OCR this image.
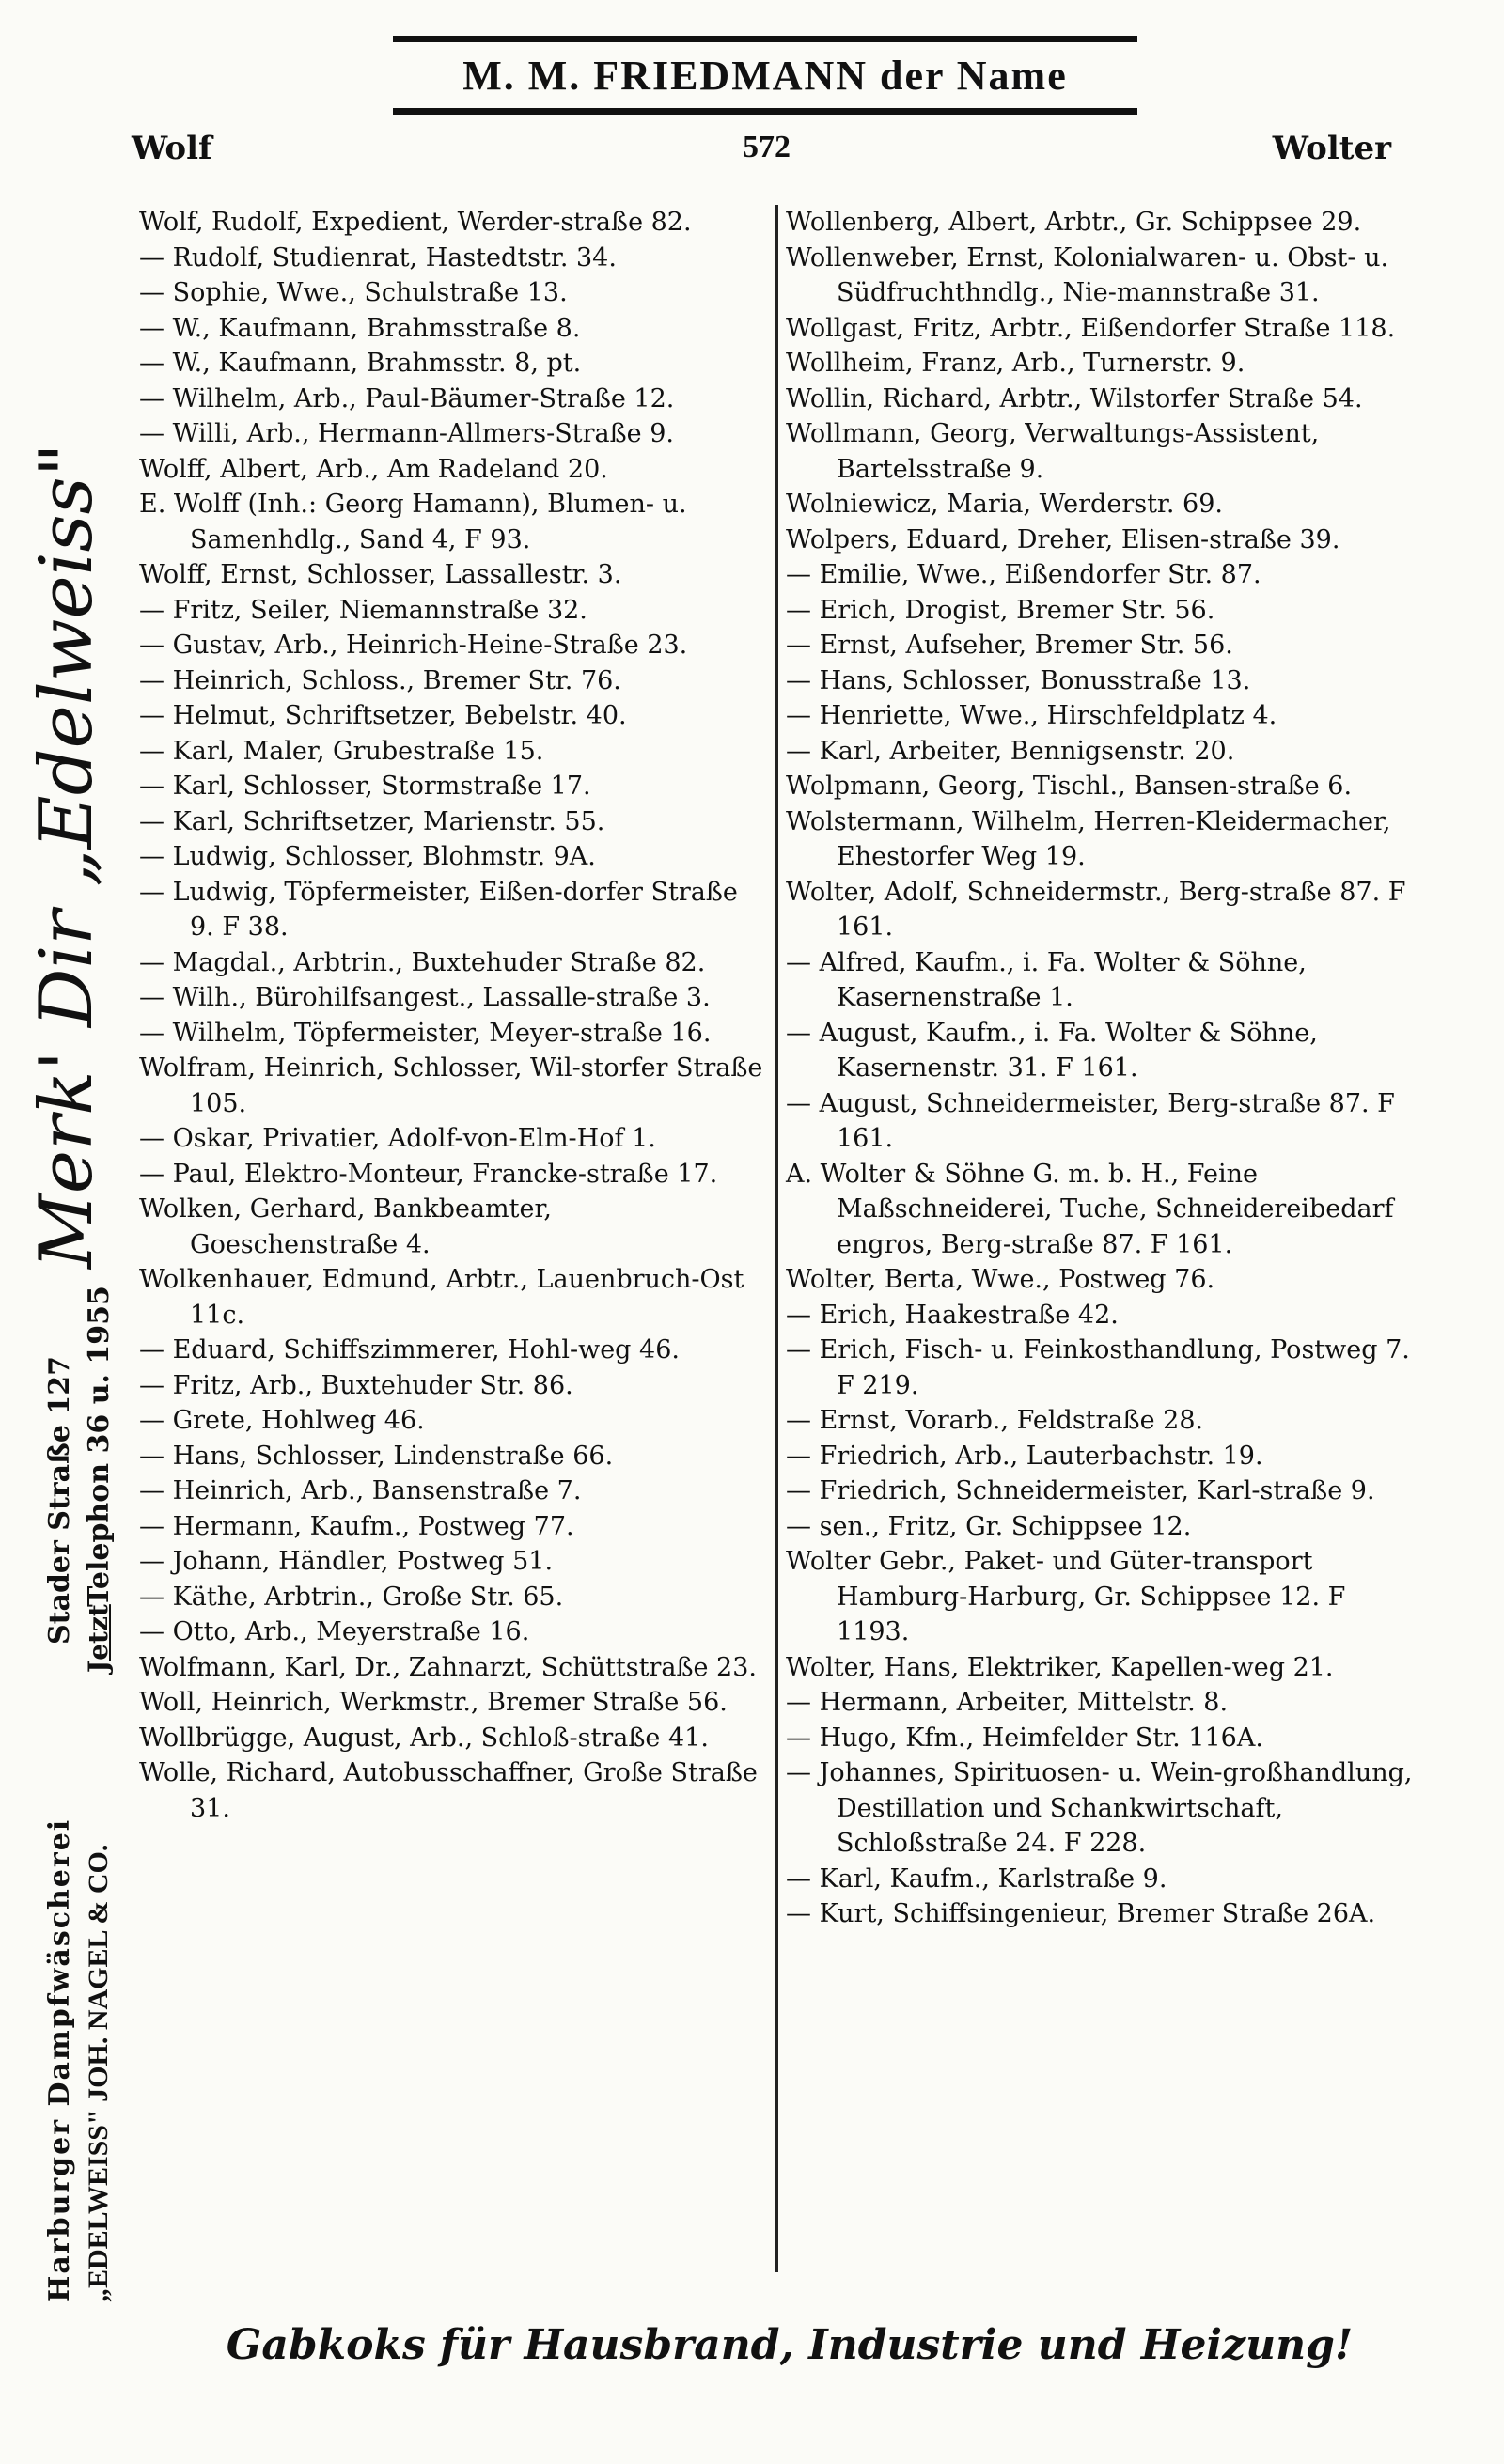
M. M. FRIEDMANN der Name
Wolf	572	Wolter
Merk' Dir „Edelweiss"
Stader Straße 127 Telephon 36 u. 1955
Harburger Dampfwäscherei „EDELWEISS" JOH. NAGEL & CO.
Jetzt

Wolf, Rudolf, Expedient, Werder-straße 82.

— Rudolf, Studienrat, Hastedtstr. 34.

— Sophie, Wwe., Schulstraße 13.

— W., Kaufmann, Brahmsstraße 8.

— W., Kaufmann, Brahmsstr. 8, pt.

— Wilhelm, Arb., Paul-Bäumer-Straße 12.

— Willi, Arb., Hermann-Allmers-Straße 9.

Wolff, Albert, Arb., Am Radeland 20.

E. Wolff (Inh.: Georg Hamann), Blumen- u. Samenhdlg., Sand 4, F 93.

Wolff, Ernst, Schlosser, Lassallestr. 3.

— Fritz, Seiler, Niemannstraße 32.

— Gustav, Arb., Heinrich-Heine-Straße 23.

— Heinrich, Schloss., Bremer Str. 76.

— Helmut, Schriftsetzer, Bebelstr. 40.

— Karl, Maler, Grubestraße 15.

— Karl, Schlosser, Stormstraße 17.

— Karl, Schriftsetzer, Marienstr. 55.

— Ludwig, Schlosser, Blohmstr. 9A.

— Ludwig, Töpfermeister, Eißen-dorfer Straße 9. F 38.

— Magdal., Arbtrin., Buxtehuder Straße 82.

— Wilh., Bürohilfsangest., Lassalle-straße 3.

— Wilhelm, Töpfermeister, Meyer-straße 16.

Wolfram, Heinrich, Schlosser, Wil-storfer Straße 105.

— Oskar, Privatier, Adolf-von-Elm-Hof 1.

— Paul, Elektro-Monteur, Francke-straße 17.

Wolken, Gerhard, Bankbeamter, Goeschenstraße 4.

Wolkenhauer, Edmund, Arbtr., Lauenbruch-Ost 11c.

— Eduard, Schiffszimmerer, Hohl-weg 46.

— Fritz, Arb., Buxtehuder Str. 86.

— Grete, Hohlweg 46.

— Hans, Schlosser, Lindenstraße 66.

— Heinrich, Arb., Bansenstraße 7.

— Hermann, Kaufm., Postweg 77.

— Johann, Händler, Postweg 51.

— Käthe, Arbtrin., Große Str. 65.

— Otto, Arb., Meyerstraße 16.

Wolfmann, Karl, Dr., Zahnarzt, Schüttstraße 23.

Woll, Heinrich, Werkmstr., Bremer Straße 56.

Wollbrügge, August, Arb., Schloß-straße 41.

Wolle, Richard, Autobusschaffner, Große Straße 31.

Wollenberg, Albert, Arbtr., Gr. Schippsee 29.

Wollenweber, Ernst, Kolonialwaren- u. Obst- u. Südfruchthndlg., Nie-mannstraße 31.

Wollgast, Fritz, Arbtr., Eißendorfer Straße 118.

Wollheim, Franz, Arb., Turnerstr. 9.

Wollin, Richard, Arbtr., Wilstorfer Straße 54.

Wollmann, Georg, Verwaltungs-Assistent, Bartelsstraße 9.

Wolniewicz, Maria, Werderstr. 69.

Wolpers, Eduard, Dreher, Elisen-straße 39.

— Emilie, Wwe., Eißendorfer Str. 87.

— Erich, Drogist, Bremer Str. 56.

— Ernst, Aufseher, Bremer Str. 56.

— Hans, Schlosser, Bonusstraße 13.

— Henriette, Wwe., Hirschfeldplatz 4.

— Karl, Arbeiter, Bennigsenstr. 20.

Wolpmann, Georg, Tischl., Bansen-straße 6.

Wolstermann, Wilhelm, Herren-Kleidermacher, Ehestorfer Weg 19.

Wolter, Adolf, Schneidermstr., Berg-straße 87. F 161.

— Alfred, Kaufm., i. Fa. Wolter & Söhne, Kasernenstraße 1.

— August, Kaufm., i. Fa. Wolter & Söhne, Kasernenstr. 31. F 161.

— August, Schneidermeister, Berg-straße 87. F 161.

A. Wolter & Söhne G. m. b. H., Feine Maßschneiderei, Tuche, Schneidereibedarf engros, Berg-straße 87. F 161.

Wolter, Berta, Wwe., Postweg 76.

— Erich, Haakestraße 42.

— Erich, Fisch- u. Feinkosthandlung, Postweg 7. F 219.

— Ernst, Vorarb., Feldstraße 28.

— Friedrich, Arb., Lauterbachstr. 19.

— Friedrich, Schneidermeister, Karl-straße 9.

— sen., Fritz, Gr. Schippsee 12.

Wolter Gebr., Paket- und Güter-transport Hamburg-Harburg, Gr. Schippsee 12. F 1193.

Wolter, Hans, Elektriker, Kapellen-weg 21.

— Hermann, Arbeiter, Mittelstr. 8.

— Hugo, Kfm., Heimfelder Str. 116A.

— Johannes, Spirituosen- u. Wein-großhandlung, Destillation und Schankwirtschaft, Schloßstraße 24. F 228.

— Karl, Kaufm., Karlstraße 9.

— Kurt, Schiffsingenieur, Bremer Straße 26A.

Gabkoks für Hausbrand, Industrie und Heizung!
